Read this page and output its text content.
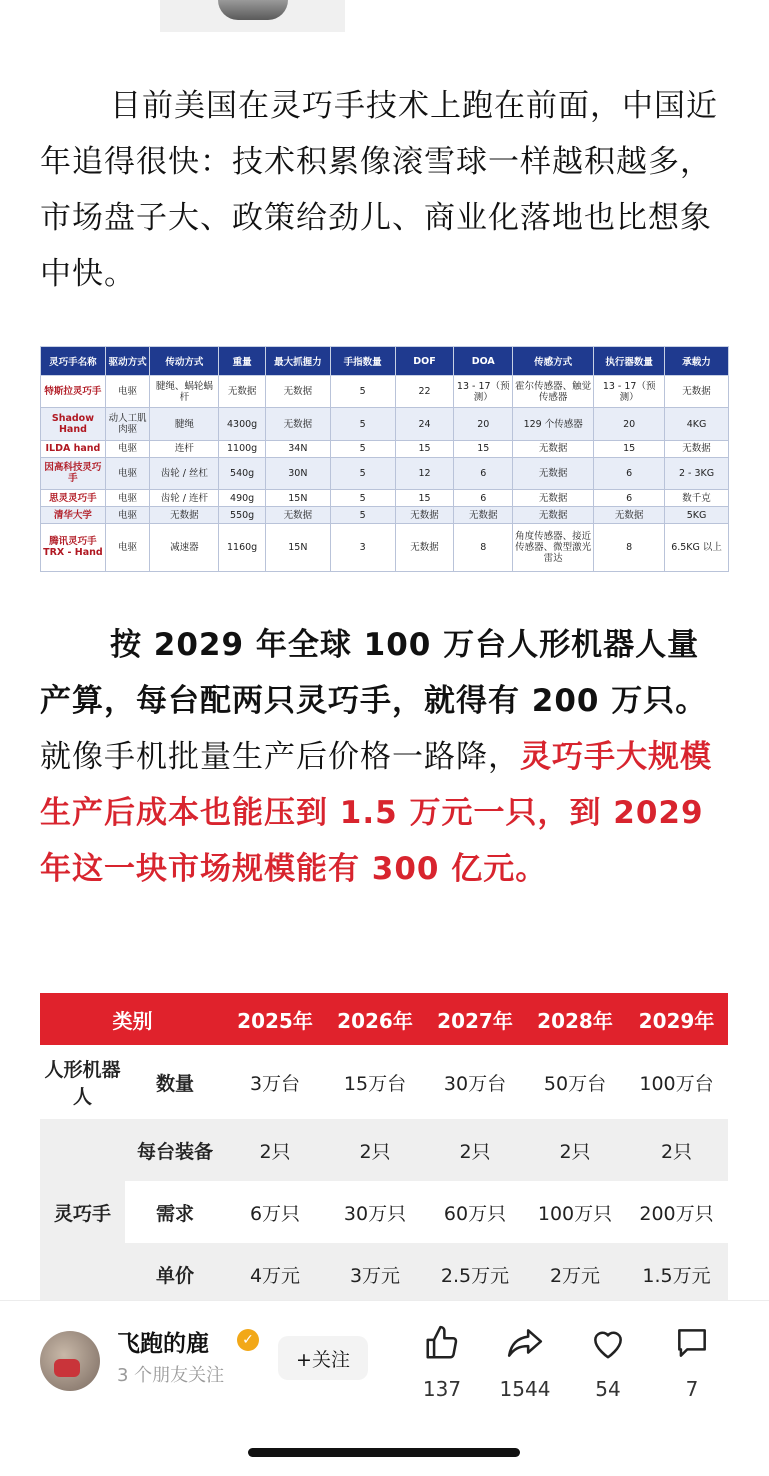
目前美国在灵巧手技术上跑在前面，中国近年追得很快：技术积累像滚雪球一样越积越多，市场盘子大、政策给劲儿、商业化落地也比想象中快。
灵巧手名称	驱动方式	传动方式	重量	最大抓握力	手指数量	DOF	DOA	传感方式	执行器数量	承载力
特斯拉灵巧手	电驱	腱绳、蜗轮蜗杆	无数据	无数据	5	22	13 - 17（预测）	霍尔传感器、触觉传感器	13 - 17（预测）	无数据
Shadow Hand	动人工肌肉驱	腱绳	4300g	无数据	5	24	20	129 个传感器	20	4KG
ILDA hand	电驱	连杆	1100g	34N	5	15	15	无数据	15	无数据
因高科技灵巧手	电驱	齿轮 / 丝杠	540g	30N	5	12	6	无数据	6	2 - 3KG
思灵灵巧手	电驱	齿轮 / 连杆	490g	15N	5	15	6	无数据	6	数千克
清华大学	电驱	无数据	550g	无数据	5	无数据	无数据	无数据	无数据	5KG
腾讯灵巧手 TRX - Hand	电驱	减速器	1160g	15N	3	无数据	8	角度传感器、接近传感器、微型激光雷达	8	6.5KG 以上
按 2029 年全球 100 万台人形机器人量产算，每台配两只灵巧手，就得有 200 万只。就像手机批量生产后价格一路降，灵巧手大规模生产后成本也能压到 1.5 万元一只，到 2029 年这一块市场规模能有 300 亿元。
类别		2025年	2026年	2027年	2028年	2029年
人形机器人	数量	3万台	15万台	30万台	50万台	100万台
灵巧手	每台装备	2只	2只	2只	2只	2只
	需求	6万只	30万只	60万只	100万只	200万只
	单价	4万元	3万元	2.5万元	2万元	1.5万元
飞跑的鹿	✓
3 个朋友关注
+关注
137	1544	54	7
